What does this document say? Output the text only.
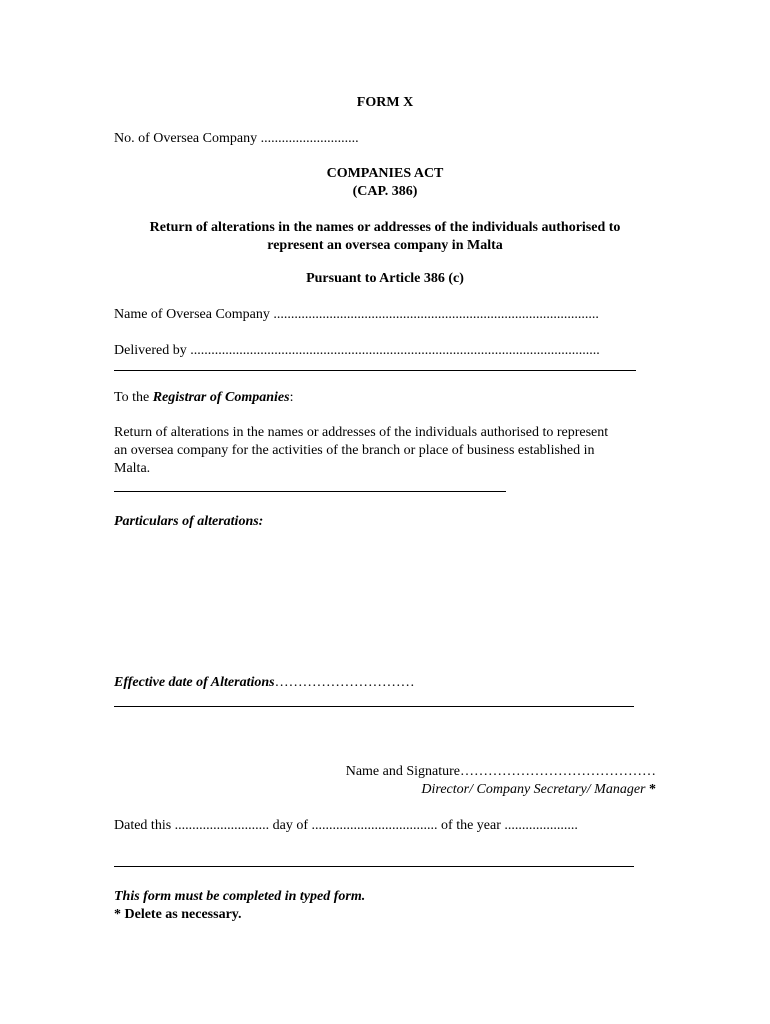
FORM X
No. of Oversea Company ............................
COMPANIES ACT
(CAP. 386)
Return of alterations in the names or addresses of the individuals authorised to
represent an oversea company in Malta
Pursuant to Article 386 (c)
Name of Oversea Company .............................................................................................
Delivered by .....................................................................................................................
To the Registrar of Companies:
Return of alterations in the names or addresses of the individuals authorised to represent
an oversea company for the activities of the branch or place of business established in
Malta.
Particulars of alterations:
Effective date of Alterations…………………………
Name and Signature……………………………………
Director/ Company Secretary/ Manager *
Dated this ........................... day of .................................... of the year .....................
This form must be completed in typed form.
* Delete as necessary.
